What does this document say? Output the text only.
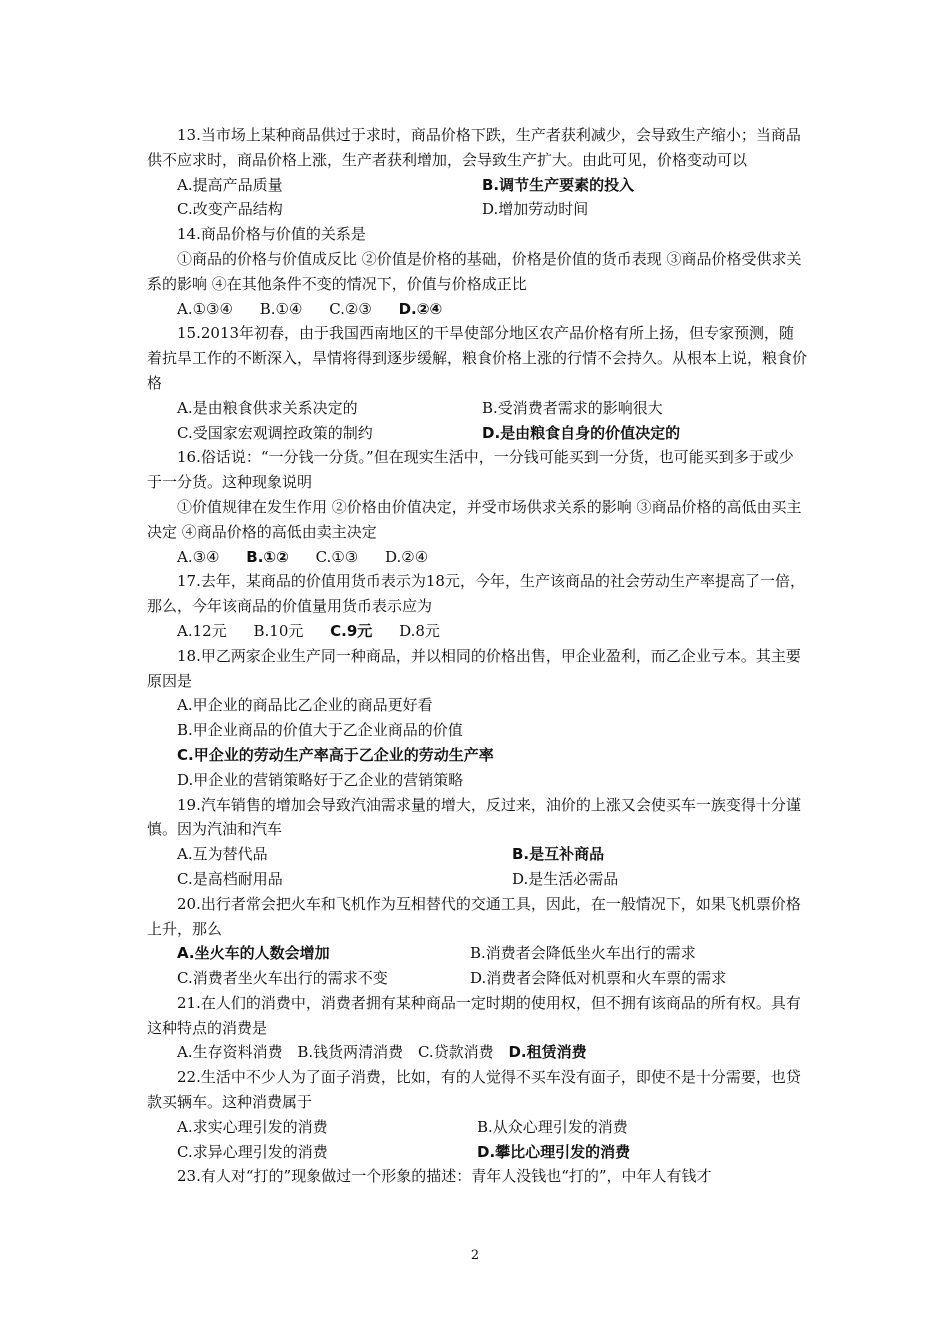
13.当市场上某种商品供过于求时，商品价格下跌，生产者获利减少，会导致生产缩小；当商品供不应求时，商品价格上涨，生产者获利增加，会导致生产扩大。由此可见，价格变动可以
A.提高产品质量	B.调节生产要素的投入
C.改变产品结构	D.增加劳动时间
14.商品价格与价值的关系是
①商品的价格与价值成反比 ②价值是价格的基础，价格是价值的货币表现 ③商品价格受供求关系的影响 ④在其他条件不变的情况下，价值与价格成正比
A.①③④ B.①④ C.②③ D.②④
15.2013年初春，由于我国西南地区的干旱使部分地区农产品价格有所上扬，但专家预测，随着抗旱工作的不断深入，旱情将得到逐步缓解，粮食价格上涨的行情不会持久。从根本上说，粮食价格
A.是由粮食供求关系决定的	B.受消费者需求的影响很大
C.受国家宏观调控政策的制约	D.是由粮食自身的价值决定的
16.俗话说：“一分钱一分货。”但在现实生活中，一分钱可能买到一分货，也可能买到多于或少于一分货。这种现象说明
①价值规律在发生作用 ②价格由价值决定，并受市场供求关系的影响 ③商品价格的高低由买主决定 ④商品价格的高低由卖主决定
A.③④ B.①② C.①③ D.②④
17.去年，某商品的价值用货币表示为18元，今年，生产该商品的社会劳动生产率提高了一倍，那么，今年该商品的价值量用货币表示应为
A.12元 B.10元 C.9元 D.8元
18.甲乙两家企业生产同一种商品，并以相同的价格出售，甲企业盈利，而乙企业亏本。其主要原因是
A.甲企业的商品比乙企业的商品更好看
B.甲企业商品的价值大于乙企业商品的价值
C.甲企业的劳动生产率高于乙企业的劳动生产率
D.甲企业的营销策略好于乙企业的营销策略
19.汽车销售的增加会导致汽油需求量的增大，反过来，油价的上涨又会使买车一族变得十分谨慎。因为汽油和汽车
A.互为替代品	B.是互补商品
C.是高档耐用品	D.是生活必需品
20.出行者常会把火车和飞机作为互相替代的交通工具，因此，在一般情况下，如果飞机票价格上升，那么
A.坐火车的人数会增加	B.消费者会降低坐火车出行的需求
C.消费者坐火车出行的需求不变	D.消费者会降低对机票和火车票的需求
21.在人们的消费中，消费者拥有某种商品一定时期的使用权，但不拥有该商品的所有权。具有这种特点的消费是
A.生存资料消费 B.钱货两清消费 C.贷款消费 D.租赁消费
22.生活中不少人为了面子消费，比如，有的人觉得不买车没有面子，即使不是十分需要，也贷款买辆车。这种消费属于
A.求实心理引发的消费	B.从众心理引发的消费
C.求异心理引发的消费	D.攀比心理引发的消费
23.有人对“打的”现象做过一个形象的描述：青年人没钱也“打的”，中年人有钱才
2
